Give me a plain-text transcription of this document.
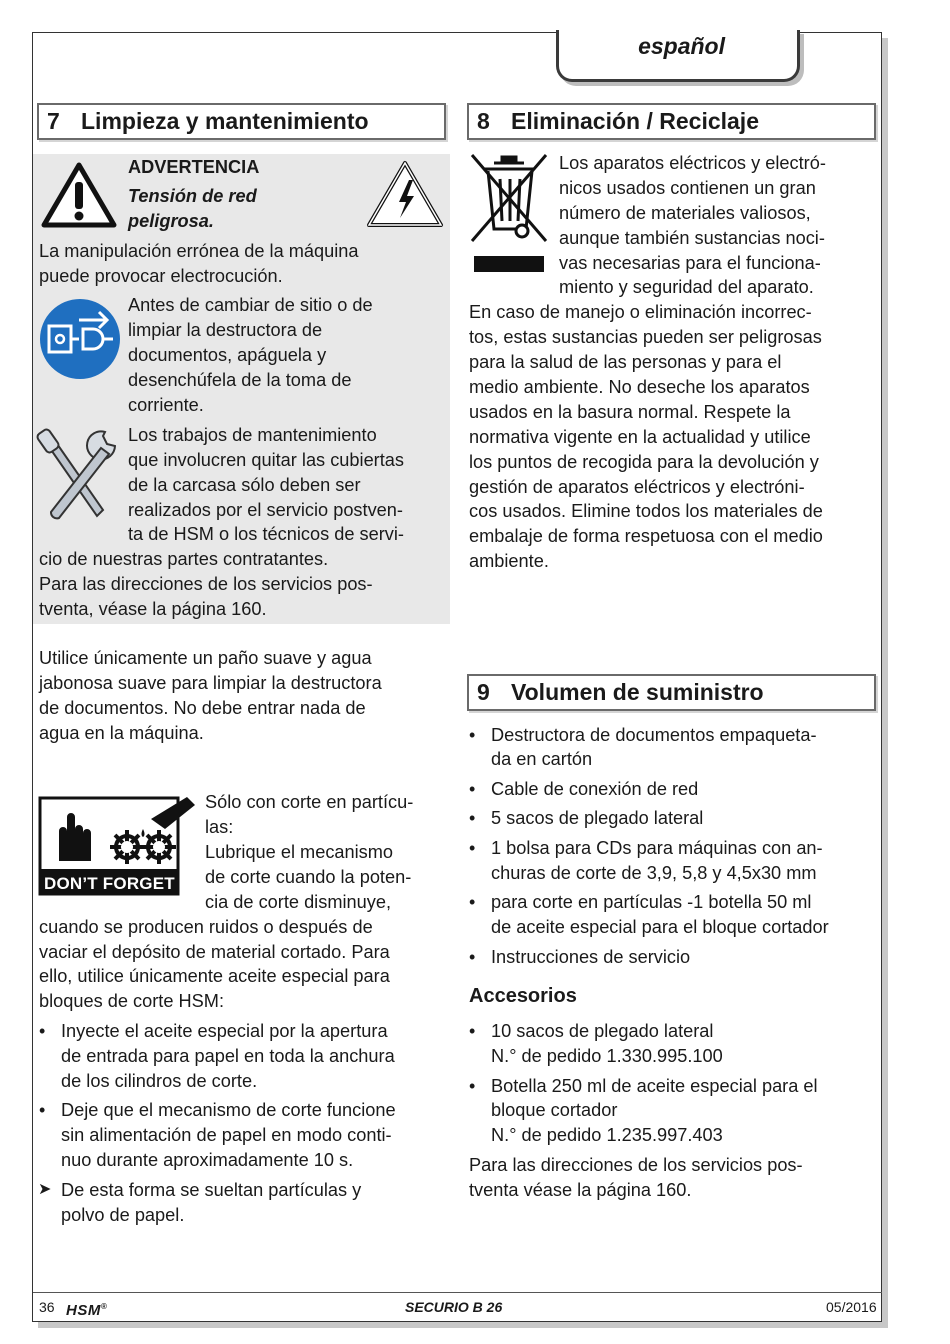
español
7 Limpieza y mantenimiento
ADVERTENCIA
Tensión de red
peligrosa.
La manipulación errónea de la máquina
puede provocar electrocución.
Antes de cambiar de sitio o de
limpiar la destructora de
documentos, apáguela y
desenchúfela de la toma de
corriente.
Los trabajos de mantenimiento
que involucren quitar las cubiertas
de la carcasa sólo deben ser
realizados por el servicio postven-
ta de HSM o los técnicos de servi-
cio de nuestras partes contratantes.
Para las direcciones de los servicios pos-
tventa, véase la página 160.
Utilice únicamente un paño suave y agua
jabonosa suave para limpiar la destructora
de documentos. No debe entrar nada de
agua en la máquina.
DON’T FORGET
Sólo con corte en partícu-
las:
Lubrique el mecanismo
de corte cuando la poten-
cia de corte disminuye,
cuando se producen ruidos o después de
vaciar el depósito de material cortado. Para
ello, utilice únicamente aceite especial para
bloques de corte HSM:
• Inyecte el aceite especial por la apertura
de entrada para papel en toda la anchura
de los cilindros de corte.
• Deje que el mecanismo de corte funcione
sin alimentación de papel en modo conti-
nuo durante aproximadamente 10 s.
➤ De esta forma se sueltan partículas y
polvo de papel.
8 Eliminación / Reciclaje
Los aparatos eléctricos y electró-
nicos usados contienen un gran
número de materiales valiosos,
aunque también sustancias noci-
vas necesarias para el funciona-
miento y seguridad del aparato.
En caso de manejo o eliminación incorrec-
tos, estas sustancias pueden ser peligrosas
para la salud de las personas y para el
medio ambiente. No deseche los aparatos
usados en la basura normal. Respete la
normativa vigente en la actualidad y utilice
los puntos de recogida para la devolución y
gestión de aparatos eléctricos y electróni-
cos usados. Elimine todos los materiales de
embalaje de forma respetuosa con el medio
ambiente.
9 Volumen de suministro
• Destructora de documentos empaqueta-
da en cartón
• Cable de conexión de red
• 5 sacos de plegado lateral
• 1 bolsa para CDs para máquinas con an-
churas de corte de 3,9, 5,8 y 4,5x30 mm
• para corte en partículas -1 botella 50 ml
de aceite especial para el bloque cortador
• Instrucciones de servicio
Accesorios
• 10 sacos de plegado lateral
N.° de pedido 1.330.995.100
• Botella 250 ml de aceite especial para el
bloque cortador
N.° de pedido 1.235.997.403
Para las direcciones de los servicios pos-
tventa véase la página 160.
36 HSM®	SECURIO B 26	05/2016
